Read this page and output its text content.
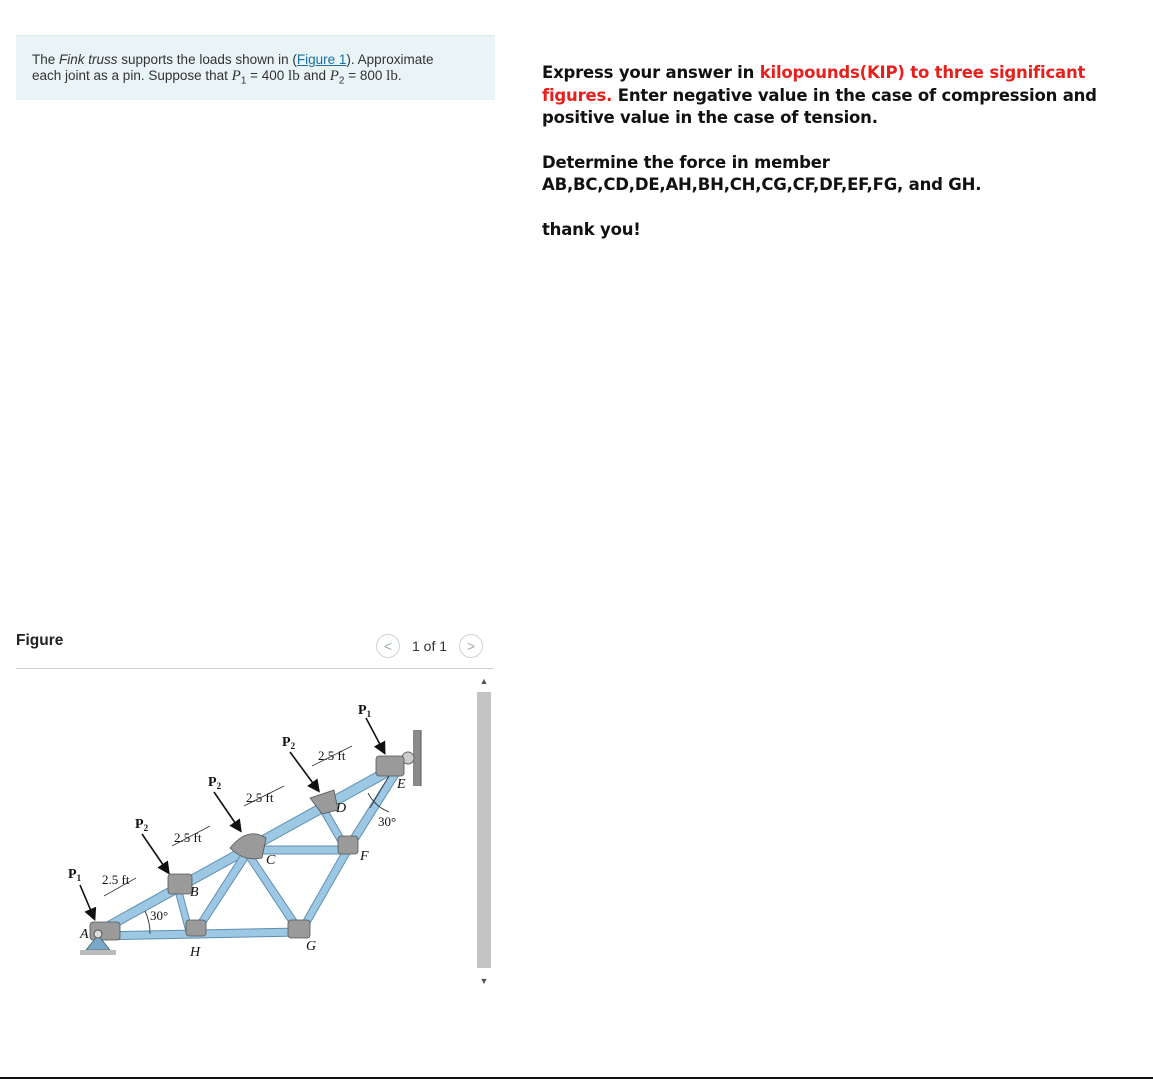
The Fink truss supports the loads shown in (Figure 1). Approximate
each joint as a pin. Suppose that $P_1 = 400$ lb and $P_2 = 800$ lb.	Express your answer in kilopounds(KIP) to three significant figures. Enter negative value in the case of compression and positive value in the case of tension.

Determine the force in member AB,BC,CD,DE,AH,BH,CH,CG,CF,DF,EF,FG, and GH.

thank you!

Figure	< 1 of 1 >
$P_1$
$P_2$
$P_2$
$P_2$
$P_1$
2.5 ft
2.5 ft
2.5 ft
2.5 ft
30°
30°
A
B
C
D
E
F
G
H
▲
▼
